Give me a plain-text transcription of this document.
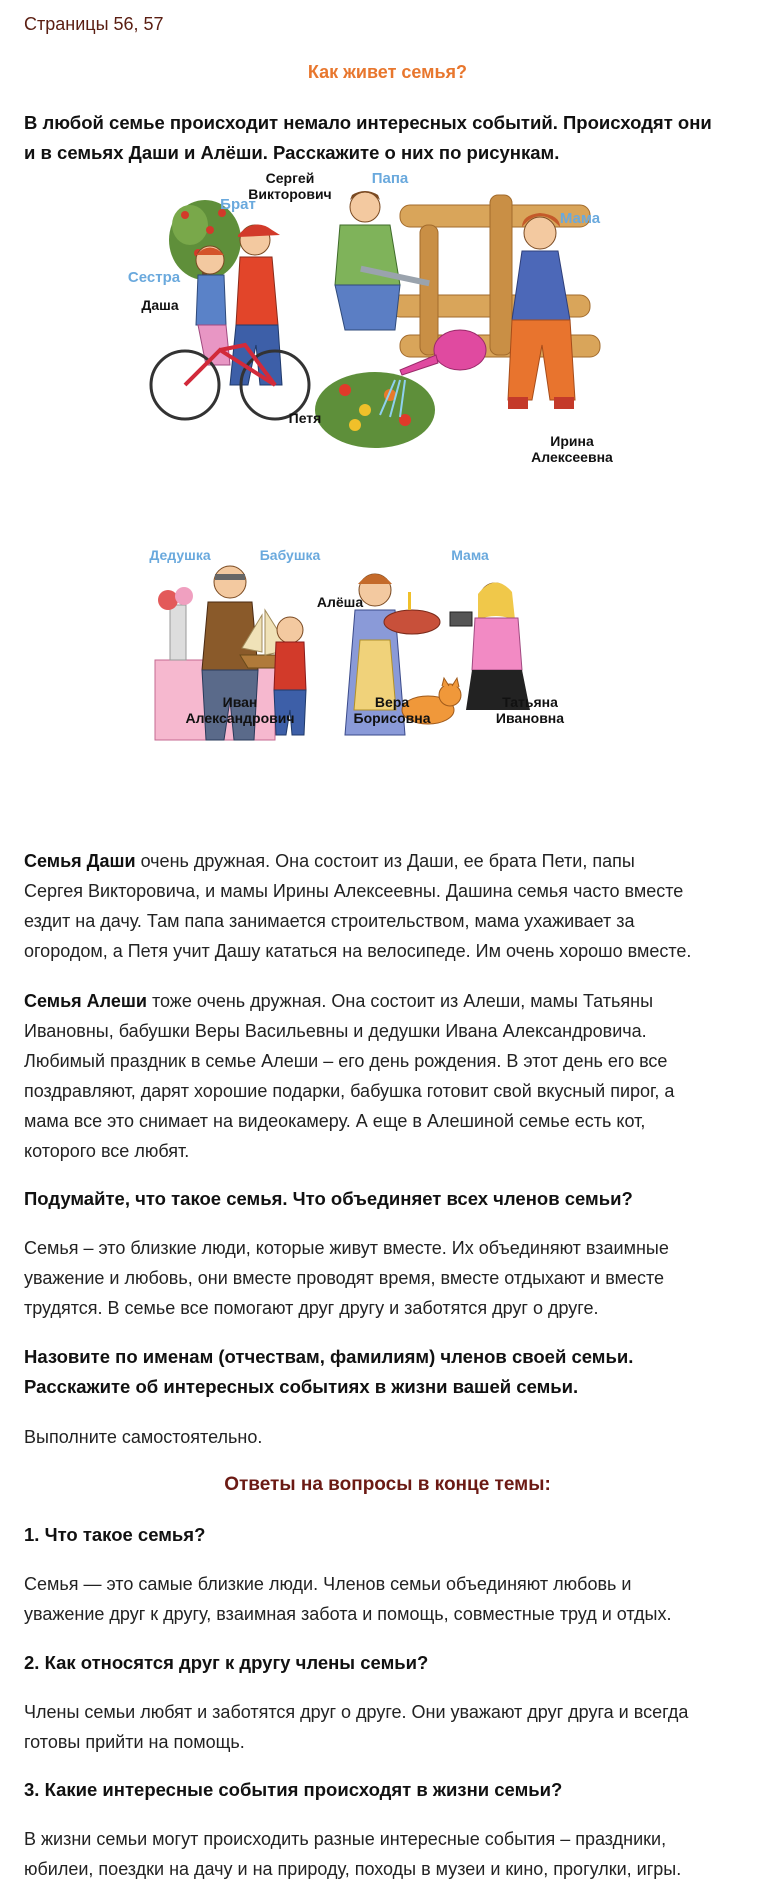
Страницы 56, 57
Как живет семья?
В любой семье происходит немало интересных событий. Происходят они
и в семьях Даши и Алёши. Расскажите о них по рисункам.
Сергей
Викторович
Папа
Брат
Мама
Сестра
Даша
Петя
Ирина
Алексеевна
Дедушка	Бабушка	Мама
Алёша
Иван
Александрович
Вера
Борисовна
Татьяна
Ивановна
Семья Даши очень дружная. Она состоит из Даши, ее брата Пети, папы
Сергея Викторовича, и мамы Ирины Алексеевны. Дашина семья часто вместе
ездит на дачу. Там папа занимается строительством, мама ухаживает за
огородом, а Петя учит Дашу кататься на велосипеде. Им очень хорошо вместе.
Семья Алеши тоже очень дружная. Она состоит из Алеши, мамы Татьяны
Ивановны, бабушки Веры Васильевны и дедушки Ивана Александровича.
Любимый праздник в семье Алеши – его день рождения. В этот день его все
поздравляют, дарят хорошие подарки, бабушка готовит свой вкусный пирог, а
мама все это снимает на видеокамеру. А еще в Алешиной семье есть кот,
которого все любят.
Подумайте, что такое семья. Что объединяет всех членов семьи?
Семья – это близкие люди, которые живут вместе. Их объединяют взаимные
уважение и любовь, они вместе проводят время, вместе отдыхают и вместе
трудятся. В семье все помогают друг другу и заботятся друг о друге.
Назовите по именам (отчествам, фамилиям) членов своей семьи.
Расскажите об интересных событиях в жизни вашей семьи.
Выполните самостоятельно.
Ответы на вопросы в конце темы:
1. Что такое семья?
Семья — это самые близкие люди. Членов семьи объединяют любовь и
уважение друг к другу, взаимная забота и помощь, совместные труд и отдых.
2. Как относятся друг к другу члены семьи?
Члены семьи любят и заботятся друг о друге. Они уважают друг друга и всегда
готовы прийти на помощь.
3. Какие интересные события происходят в жизни семьи?
В жизни семьи могут происходить разные интересные события – праздники,
юбилеи, поездки на дачу и на природу, походы в музеи и кино, прогулки, игры.
